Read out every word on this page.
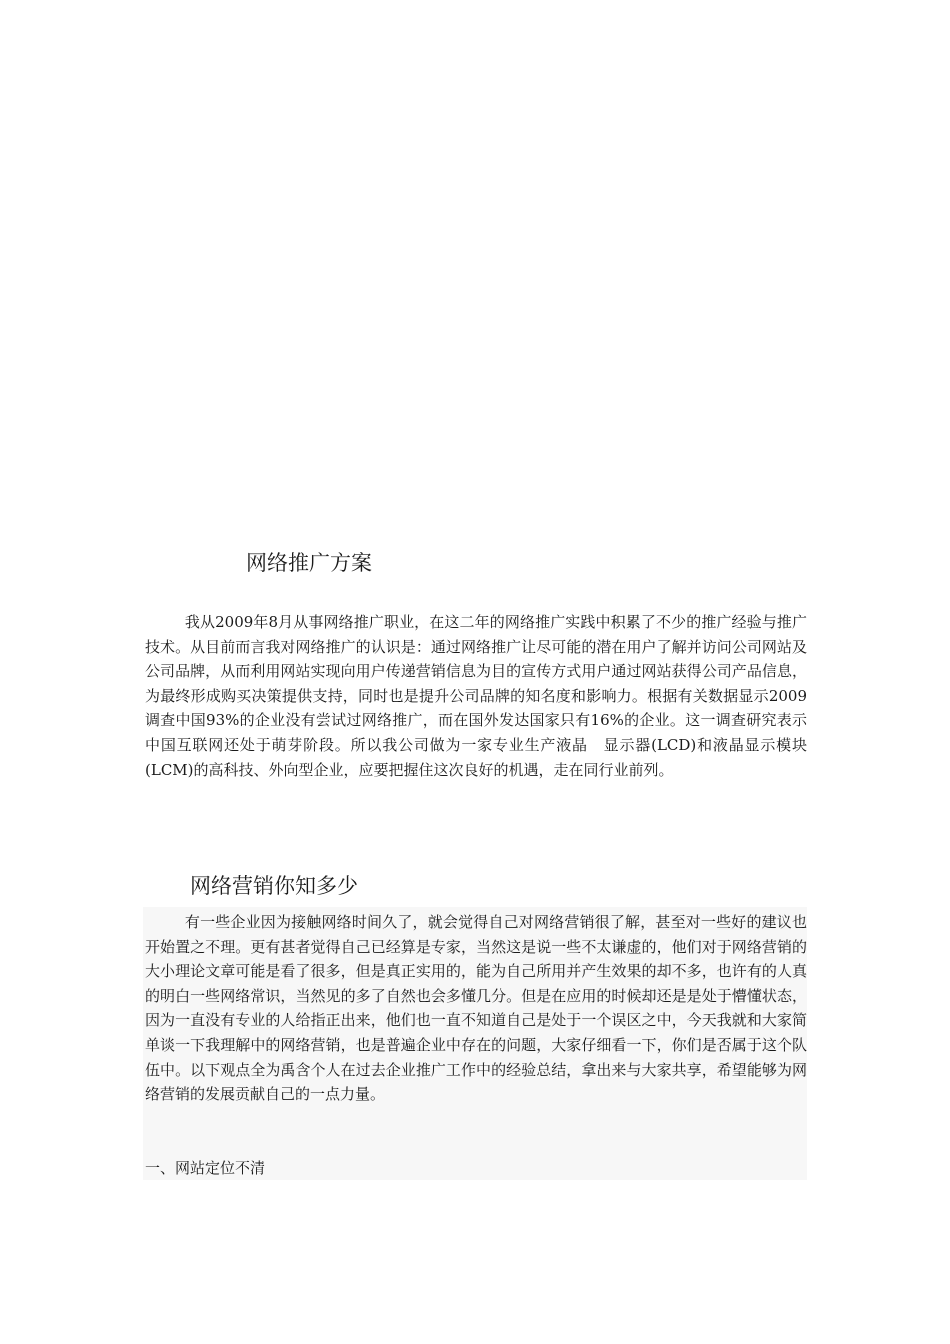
网络推广方案

我从2009年8月从事网络推广职业，在这二年的网络推广实践中积累了不少的推广经验与推广技术。从目前而言我对网络推广的认识是：通过网络推广让尽可能的潜在用户了解并访问公司网站及公司品牌，从而利用网站实现向用户传递营销信息为目的宣传方式用户通过网站获得公司产品信息，为最终形成购买决策提供支持，同时也是提升公司品牌的知名度和影响力。根据有关数据显示2009调查中国93%的企业没有尝试过网络推广，而在国外发达国家只有16%的企业。这一调查研究表示中国互联网还处于萌芽阶段。所以我公司做为一家专业生产液晶　显示器(LCD)和液晶显示模块(LCM)的高科技、外向型企业，应要把握住这次良好的机遇，走在同行业前列。

网络营销你知多少

有一些企业因为接触网络时间久了，就会觉得自己对网络营销很了解，甚至对一些好的建议也开始置之不理。更有甚者觉得自己已经算是专家，当然这是说一些不太谦虚的，他们对于网络营销的大小理论文章可能是看了很多，但是真正实用的，能为自己所用并产生效果的却不多，也许有的人真的明白一些网络常识，当然见的多了自然也会多懂几分。但是在应用的时候却还是是处于懵懂状态，因为一直没有专业的人给指正出来，他们也一直不知道自己是处于一个误区之中，今天我就和大家简单谈一下我理解中的网络营销，也是普遍企业中存在的问题，大家仔细看一下，你们是否属于这个队伍中。以下观点全为禹含个人在过去企业推广工作中的经验总结，拿出来与大家共享，希望能够为网络营销的发展贡献自己的一点力量。

一、网站定位不清
